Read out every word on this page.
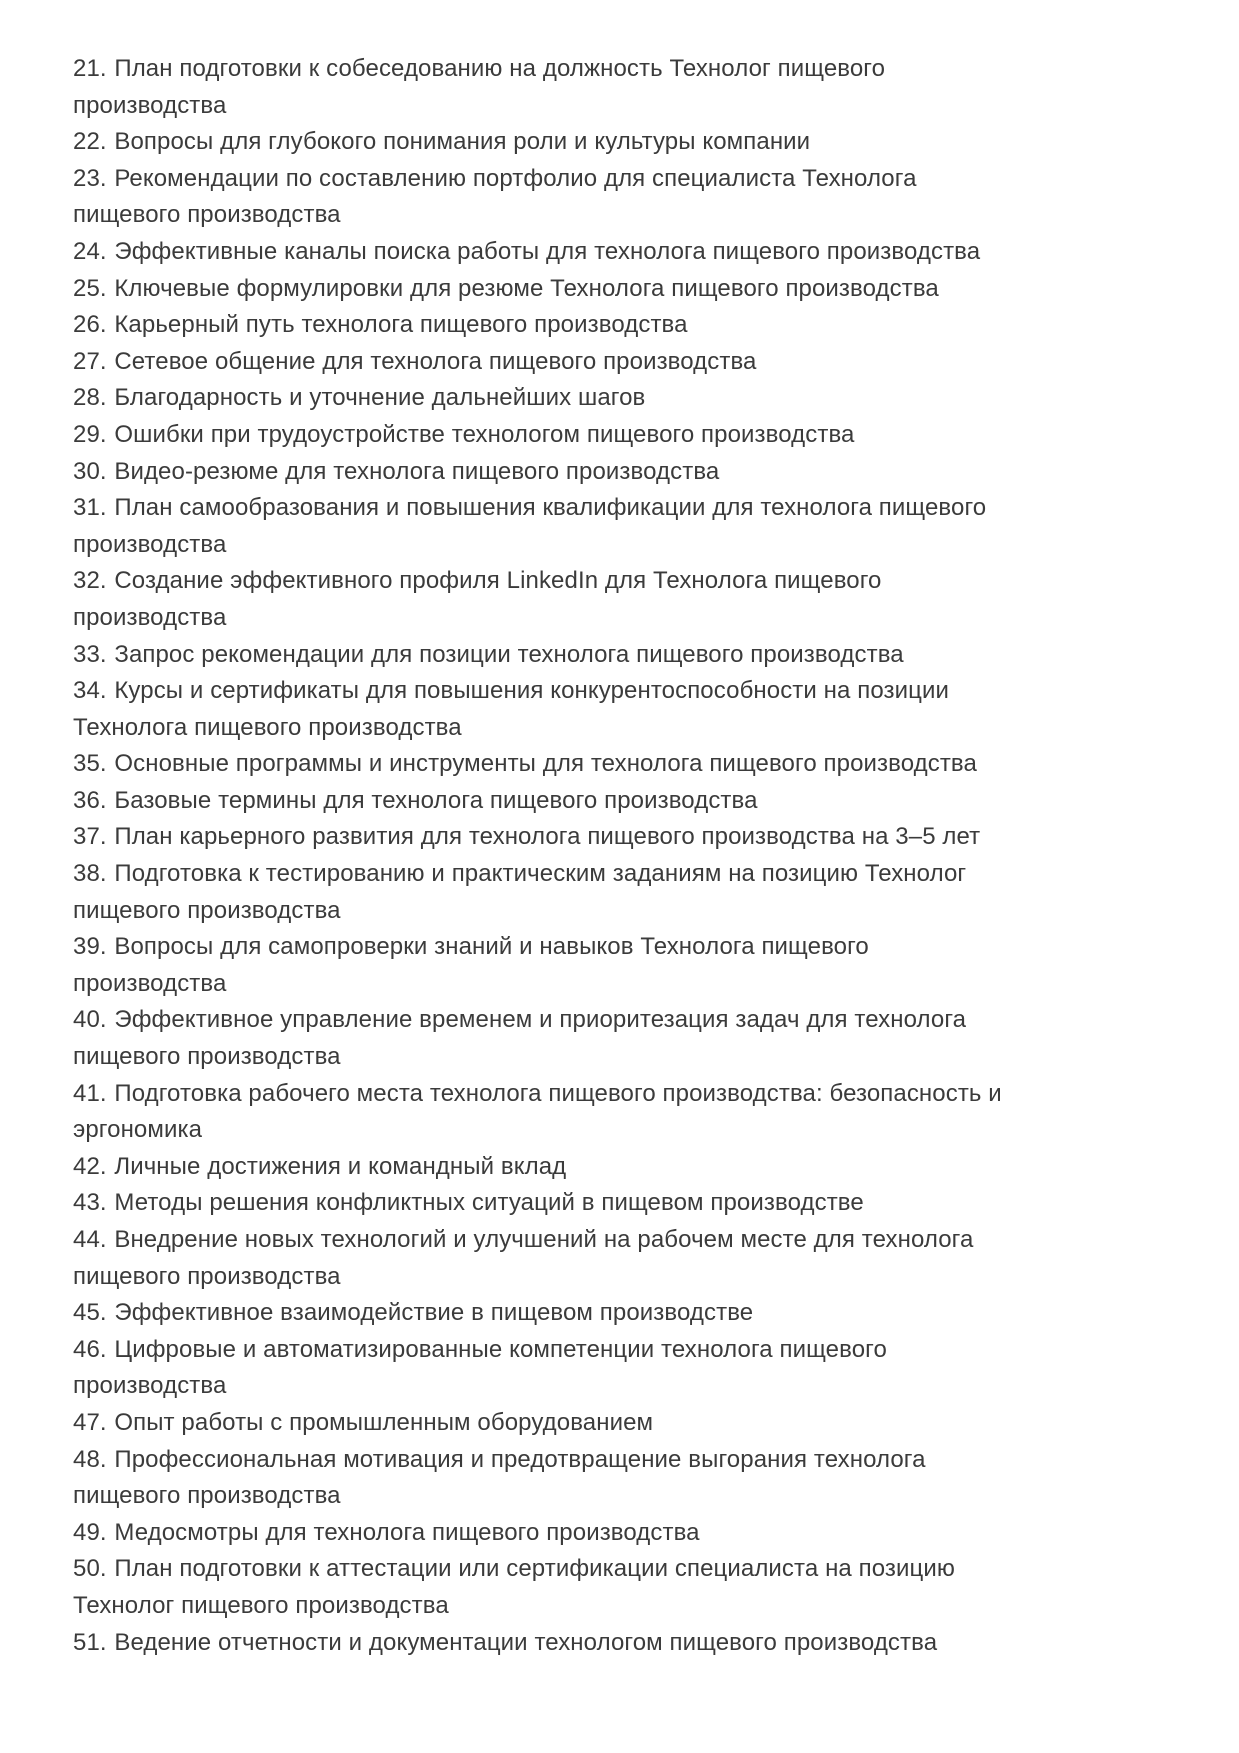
21. План подготовки к собеседованию на должность Технолог пищевого производства

22. Вопросы для глубокого понимания роли и культуры компании

23. Рекомендации по составлению портфолио для специалиста Технолога пищевого производства

24. Эффективные каналы поиска работы для технолога пищевого производства

25. Ключевые формулировки для резюме Технолога пищевого производства

26. Карьерный путь технолога пищевого производства

27. Сетевое общение для технолога пищевого производства

28. Благодарность и уточнение дальнейших шагов

29. Ошибки при трудоустройстве технологом пищевого производства

30. Видео-резюме для технолога пищевого производства

31. План самообразования и повышения квалификации для технолога пищевого производства

32. Создание эффективного профиля LinkedIn для Технолога пищевого производства

33. Запрос рекомендации для позиции технолога пищевого производства

34. Курсы и сертификаты для повышения конкурентоспособности на позиции Технолога пищевого производства

35. Основные программы и инструменты для технолога пищевого производства

36. Базовые термины для технолога пищевого производства

37. План карьерного развития для технолога пищевого производства на 3–5 лет

38. Подготовка к тестированию и практическим заданиям на позицию Технолог пищевого производства

39. Вопросы для самопроверки знаний и навыков Технолога пищевого производства

40. Эффективное управление временем и приоритезация задач для технолога пищевого производства

41. Подготовка рабочего места технолога пищевого производства: безопасность и эргономика

42. Личные достижения и командный вклад

43. Методы решения конфликтных ситуаций в пищевом производстве

44. Внедрение новых технологий и улучшений на рабочем месте для технолога пищевого производства

45. Эффективное взаимодействие в пищевом производстве

46. Цифровые и автоматизированные компетенции технолога пищевого производства

47. Опыт работы с промышленным оборудованием

48. Профессиональная мотивация и предотвращение выгорания технолога пищевого производства

49. Медосмотры для технолога пищевого производства

50. План подготовки к аттестации или сертификации специалиста на позицию Технолог пищевого производства

51. Ведение отчетности и документации технологом пищевого производства
